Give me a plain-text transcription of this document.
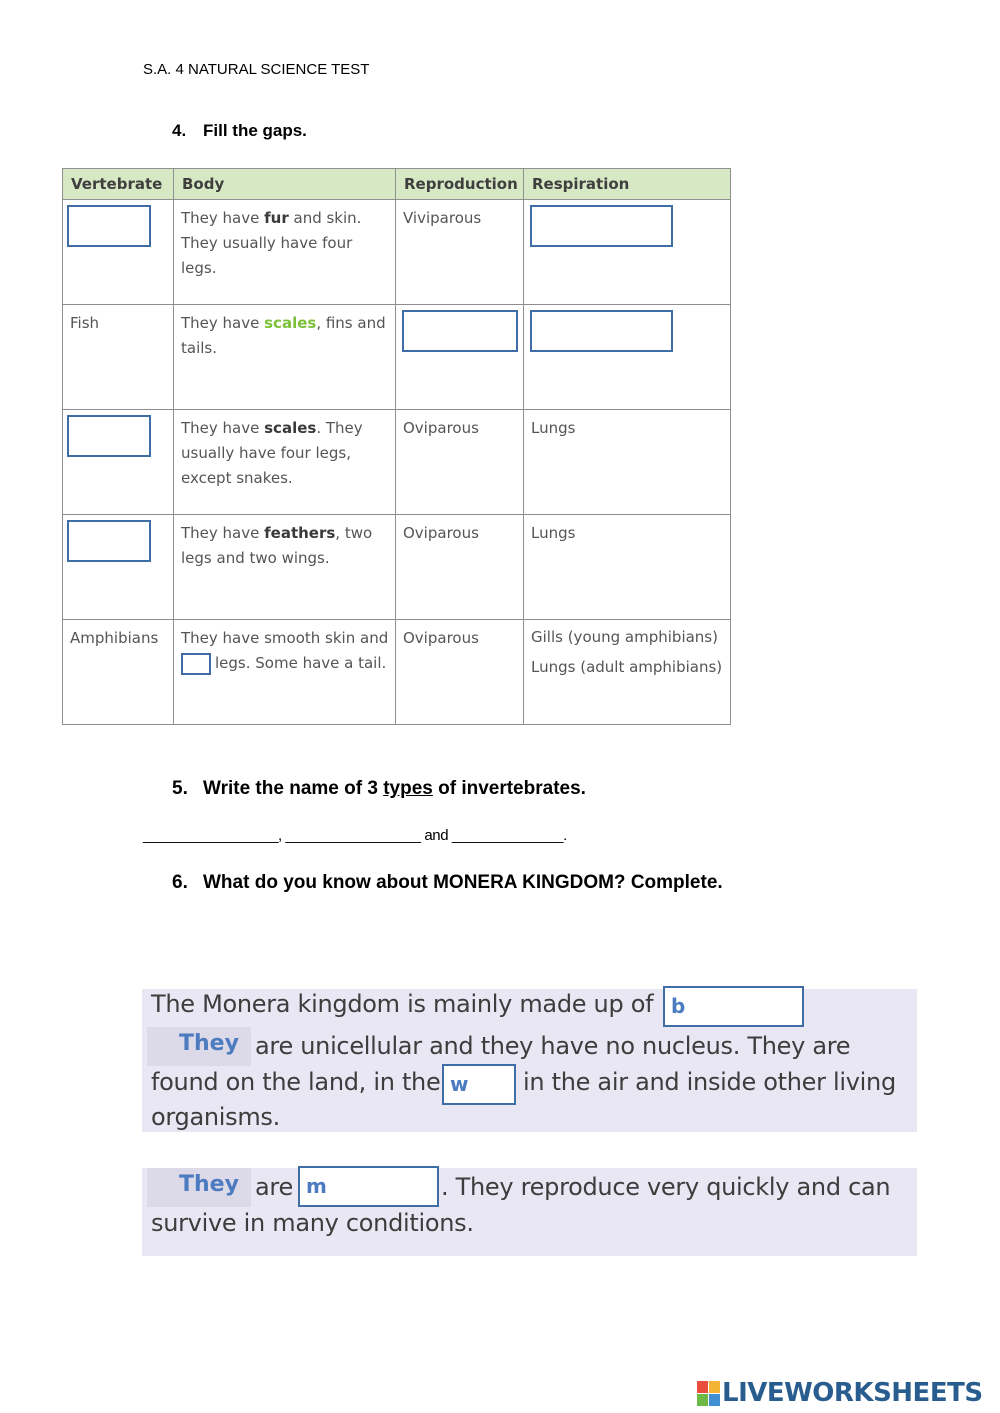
S.A. 4 NATURAL SCIENCE TEST
4. Fill the gaps.
Vertebrate	Body	Reproduction	Respiration

	They have fur and skin. They usually have four legs.	Viviparous	

Fish	They have scales, fins and tails.	

	They have scales. They usually have four legs, except snakes.	Oviparous	Lungs

	They have feathers, two legs and two wings.	Oviparous	Lungs
Amphibians	They have smooth skin and
legs. Some have a tail.	Oviparous	Gills (young amphibians)
Lungs (adult amphibians)
5. Write the name of 3 types of invertebrates.
_________________, _________________ and ______________.
6. What do you know about MONERA KINGDOM? Complete.
The Monera kingdom is mainly made up of b
They are unicellular and they have no nucleus. They are
found on the land, in the w	in the air and inside other living
organisms.
They are m	. They reproduce very quickly and can
survive in many conditions.
LIVEWORKSHEETS
